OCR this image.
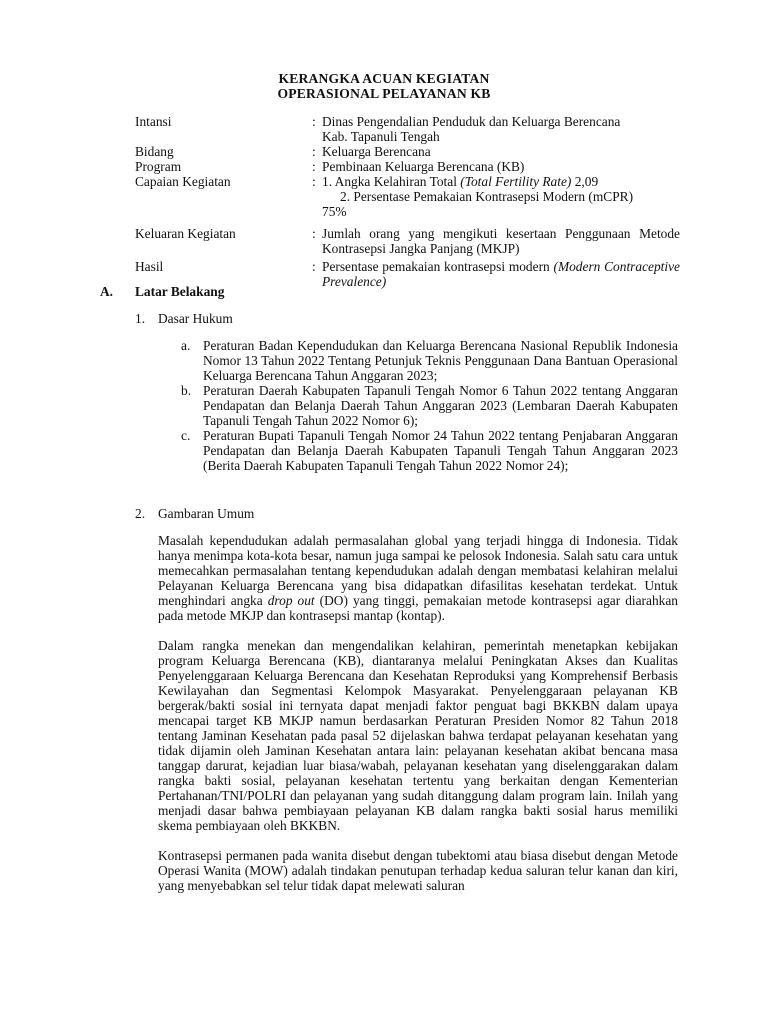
KERANGKA ACUAN KEGIATAN
OPERASIONAL PELAYANAN KB
Intansi	: Dinas Pengendalian Penduduk dan Keluarga Berencana
Kab. Tapanuli Tengah
Bidang	: Keluarga Berencana
Program	: Pembinaan Keluarga Berencana (KB)
Capaian Kegiatan	: 1. Angka Kelahiran Total (Total Fertility Rate) 2,09
2. Persentase Pemakaian Kontrasepsi Modern (mCPR)
75%
Keluaran Kegiatan	: Jumlah orang yang mengikuti kesertaan Penggunaan Metode Kontrasepsi Jangka Panjang (MKJP)
Hasil	: Persentase pemakaian kontrasepsi modern (Modern Contraceptive Prevalence)
A. Latar Belakang
1. Dasar Hukum
a. Peraturan Badan Kependudukan dan Keluarga Berencana Nasional Republik Indonesia Nomor 13 Tahun 2022 Tentang Petunjuk Teknis Penggunaan Dana Bantuan Operasional Keluarga Berencana Tahun Anggaran 2023;
b. Peraturan Daerah Kabupaten Tapanuli Tengah Nomor 6 Tahun 2022 tentang Anggaran Pendapatan dan Belanja Daerah Tahun Anggaran 2023 (Lembaran Daerah Kabupaten Tapanuli Tengah Tahun 2022 Nomor 6);
c. Peraturan Bupati Tapanuli Tengah Nomor 24 Tahun 2022 tentang Penjabaran Anggaran Pendapatan dan Belanja Daerah Kabupaten Tapanuli Tengah Tahun Anggaran 2023 (Berita Daerah Kabupaten Tapanuli Tengah Tahun 2022 Nomor 24);
2. Gambaran Umum

Masalah kependudukan adalah permasalahan global yang terjadi hingga di Indonesia. Tidak hanya menimpa kota-kota besar, namun juga sampai ke pelosok Indonesia. Salah satu cara untuk memecahkan permasalahan tentang kependudukan adalah dengan membatasi kelahiran melalui Pelayanan Keluarga Berencana yang bisa didapatkan difasilitas kesehatan terdekat. Untuk menghindari angka drop out (DO) yang tinggi, pemakaian metode kontrasepsi agar diarahkan pada metode MKJP dan kontrasepsi mantap (kontap).

Dalam rangka menekan dan mengendalikan kelahiran, pemerintah menetapkan kebijakan program Keluarga Berencana (KB), diantaranya melalui Peningkatan Akses dan Kualitas Penyelenggaraan Keluarga Berencana dan Kesehatan Reproduksi yang Komprehensif Berbasis Kewilayahan dan Segmentasi Kelompok Masyarakat. Penyelenggaraan pelayanan KB bergerak/bakti sosial ini ternyata dapat menjadi faktor penguat bagi BKKBN dalam upaya mencapai target KB MKJP namun berdasarkan Peraturan Presiden Nomor 82 Tahun 2018 tentang Jaminan Kesehatan pada pasal 52 dijelaskan bahwa terdapat pelayanan kesehatan yang tidak dijamin oleh Jaminan Kesehatan antara lain: pelayanan kesehatan akibat bencana masa tanggap darurat, kejadian luar biasa/wabah, pelayanan kesehatan yang diselenggarakan dalam rangka bakti sosial, pelayanan kesehatan tertentu yang berkaitan dengan Kementerian Pertahanan/TNI/POLRI dan pelayanan yang sudah ditanggung dalam program lain. Inilah yang menjadi dasar bahwa pembiayaan pelayanan KB dalam rangka bakti sosial harus memiliki skema pembiayaan oleh BKKBN.

Kontrasepsi permanen pada wanita disebut dengan tubektomi atau biasa disebut dengan Metode Operasi Wanita (MOW) adalah tindakan penutupan terhadap kedua saluran telur kanan dan kiri, yang menyebabkan sel telur tidak dapat melewati saluran
